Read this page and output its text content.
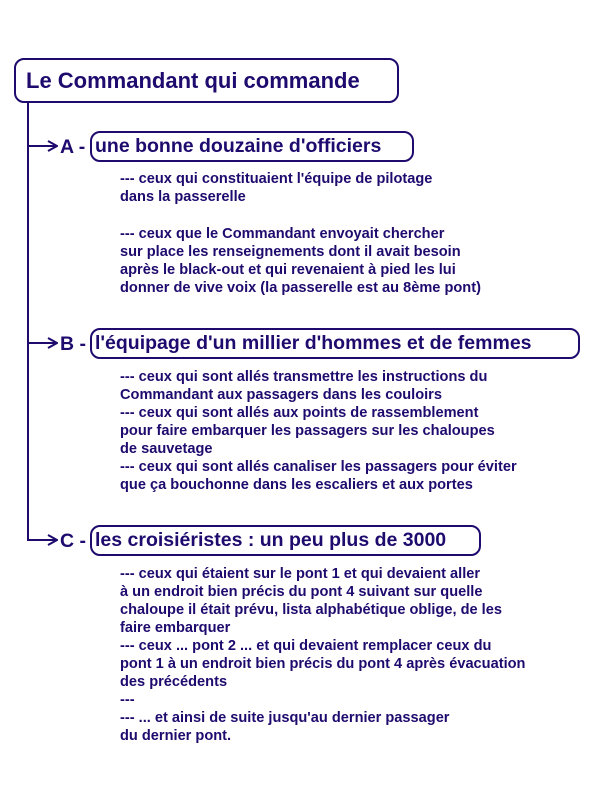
Le Commandant qui commande
A - une bonne douzaine d'officiers
--- ceux qui constituaient l'équipe de pilotage
dans la passerelle
--- ceux que le Commandant envoyait chercher
sur place les renseignements dont il avait besoin
après le black-out et qui revenaient à pied les lui
donner de vive voix (la passerelle est au 8ème pont)
B - l'équipage d'un millier d'hommes et de femmes
--- ceux qui sont allés transmettre les instructions du
Commandant aux passagers dans les couloirs
--- ceux qui sont allés aux points de rassemblement
pour faire embarquer les passagers sur les chaloupes
de sauvetage
--- ceux qui sont allés canaliser les passagers pour éviter
que ça bouchonne dans les escaliers et aux portes
C - les croisiéristes : un peu plus de 3000
--- ceux qui étaient sur le pont 1 et qui devaient aller
à un endroit bien précis du pont 4 suivant sur quelle
chaloupe il était prévu, lista alphabétique oblige, de les
faire embarquer
--- ceux ... pont 2 ... et qui devaient remplacer ceux du
pont 1 à un endroit bien précis du pont 4 après évacuation
des précédents
---
--- ... et ainsi de suite jusqu'au dernier passager
du dernier pont.
